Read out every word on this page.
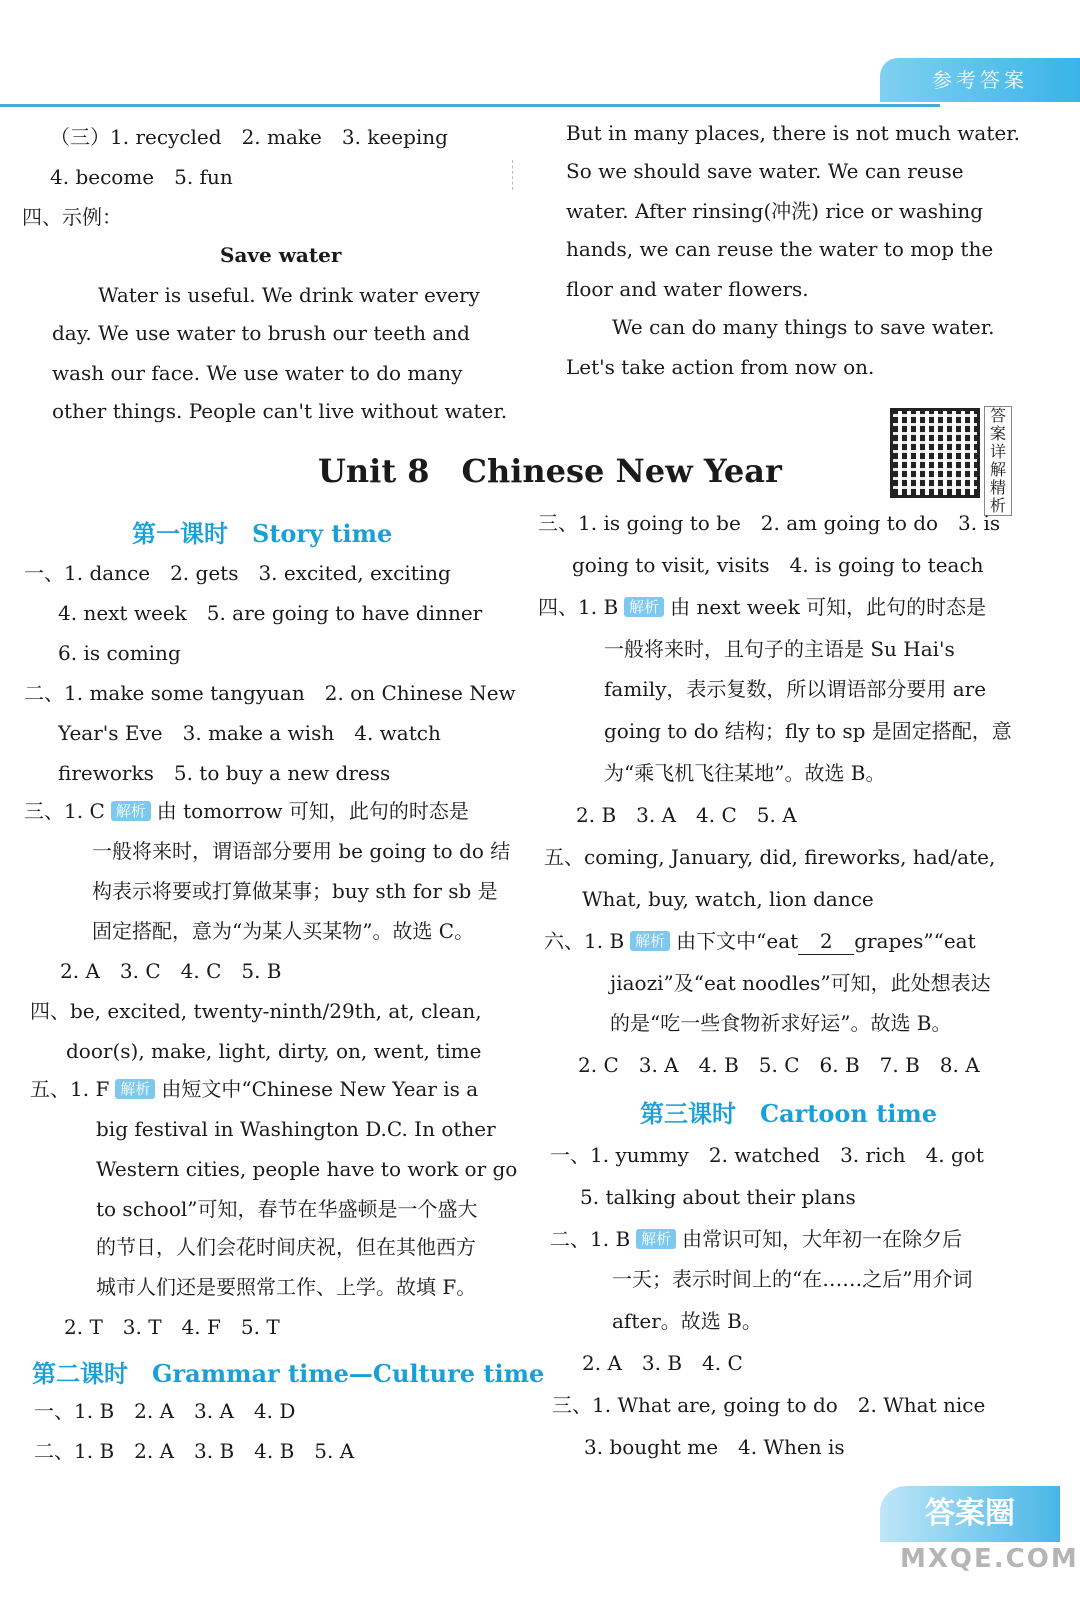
参考答案
（三）1. recycled　2. make　3. keeping
4. become　5. fun
四、示例：
Save water
Water is useful. We drink water every
day. We use water to brush our teeth and
wash our face. We use water to do many
other things. People can't live without water.
But in many places, there is not much water.
So we should save water. We can reuse
water. After rinsing(冲洗) rice or washing
hands, we can reuse the water to mop the
floor and water flowers.
We can do many things to save water.
Let's take action from now on.
答案详解精析
Unit 8　Chinese New Year
第一课时　Story time
一、1. dance　2. gets　3. excited, exciting
4. next week　5. are going to have dinner
6. is coming
二、1. make some tangyuan　2. on Chinese New
Year's Eve　3. make a wish　4. watch
fireworks　5. to buy a new dress
三、1. C 解析 由 tomorrow 可知，此句的时态是
一般将来时，谓语部分要用 be going to do 结
构表示将要或打算做某事；buy sth for sb 是
固定搭配，意为“为某人买某物”。故选 C。
2. A　3. C　4. C　5. B
四、be, excited, twenty-ninth/29th, at, clean,
door(s), make, light, dirty, on, went, time
五、1. F 解析 由短文中“Chinese New Year is a
big festival in Washington D.C. In other
Western cities, people have to work or go
to school”可知，春节在华盛顿是一个盛大
的节日，人们会花时间庆祝，但在其他西方
城市人们还是要照常工作、上学。故填 F。
2. T　3. T　4. F　5. T
第二课时　Grammar time—Culture time
一、1. B　2. A　3. A　4. D
二、1. B　2. A　3. B　4. B　5. A
三、1. is going to be　2. am going to do　3. is
going to visit, visits　4. is going to teach
四、1. B 解析 由 next week 可知，此句的时态是
一般将来时，且句子的主语是 Su Hai's
family，表示复数，所以谓语部分要用 are
going to do 结构；fly to sp 是固定搭配，意
为“乘飞机飞往某地”。故选 B。
2. B　3. A　4. C　5. A
五、coming, January, did, fireworks, had/ate,
What, buy, watch, lion dance
六、1. B 解析 由下文中“eat 2 grapes”“eat
jiaozi”及“eat noodles”可知，此处想表达
的是“吃一些食物祈求好运”。故选 B。
2. C　3. A　4. B　5. C　6. B　7. B　8. A
第三课时　Cartoon time
一、1. yummy　2. watched　3. rich　4. got
5. talking about their plans
二、1. B 解析 由常识可知，大年初一在除夕后
一天；表示时间上的“在……之后”用介词
after。故选 B。
2. A　3. B　4. C
三、1. What are, going to do　2. What nice
3. bought me　4. When is
答案圈
MXQE.COM
